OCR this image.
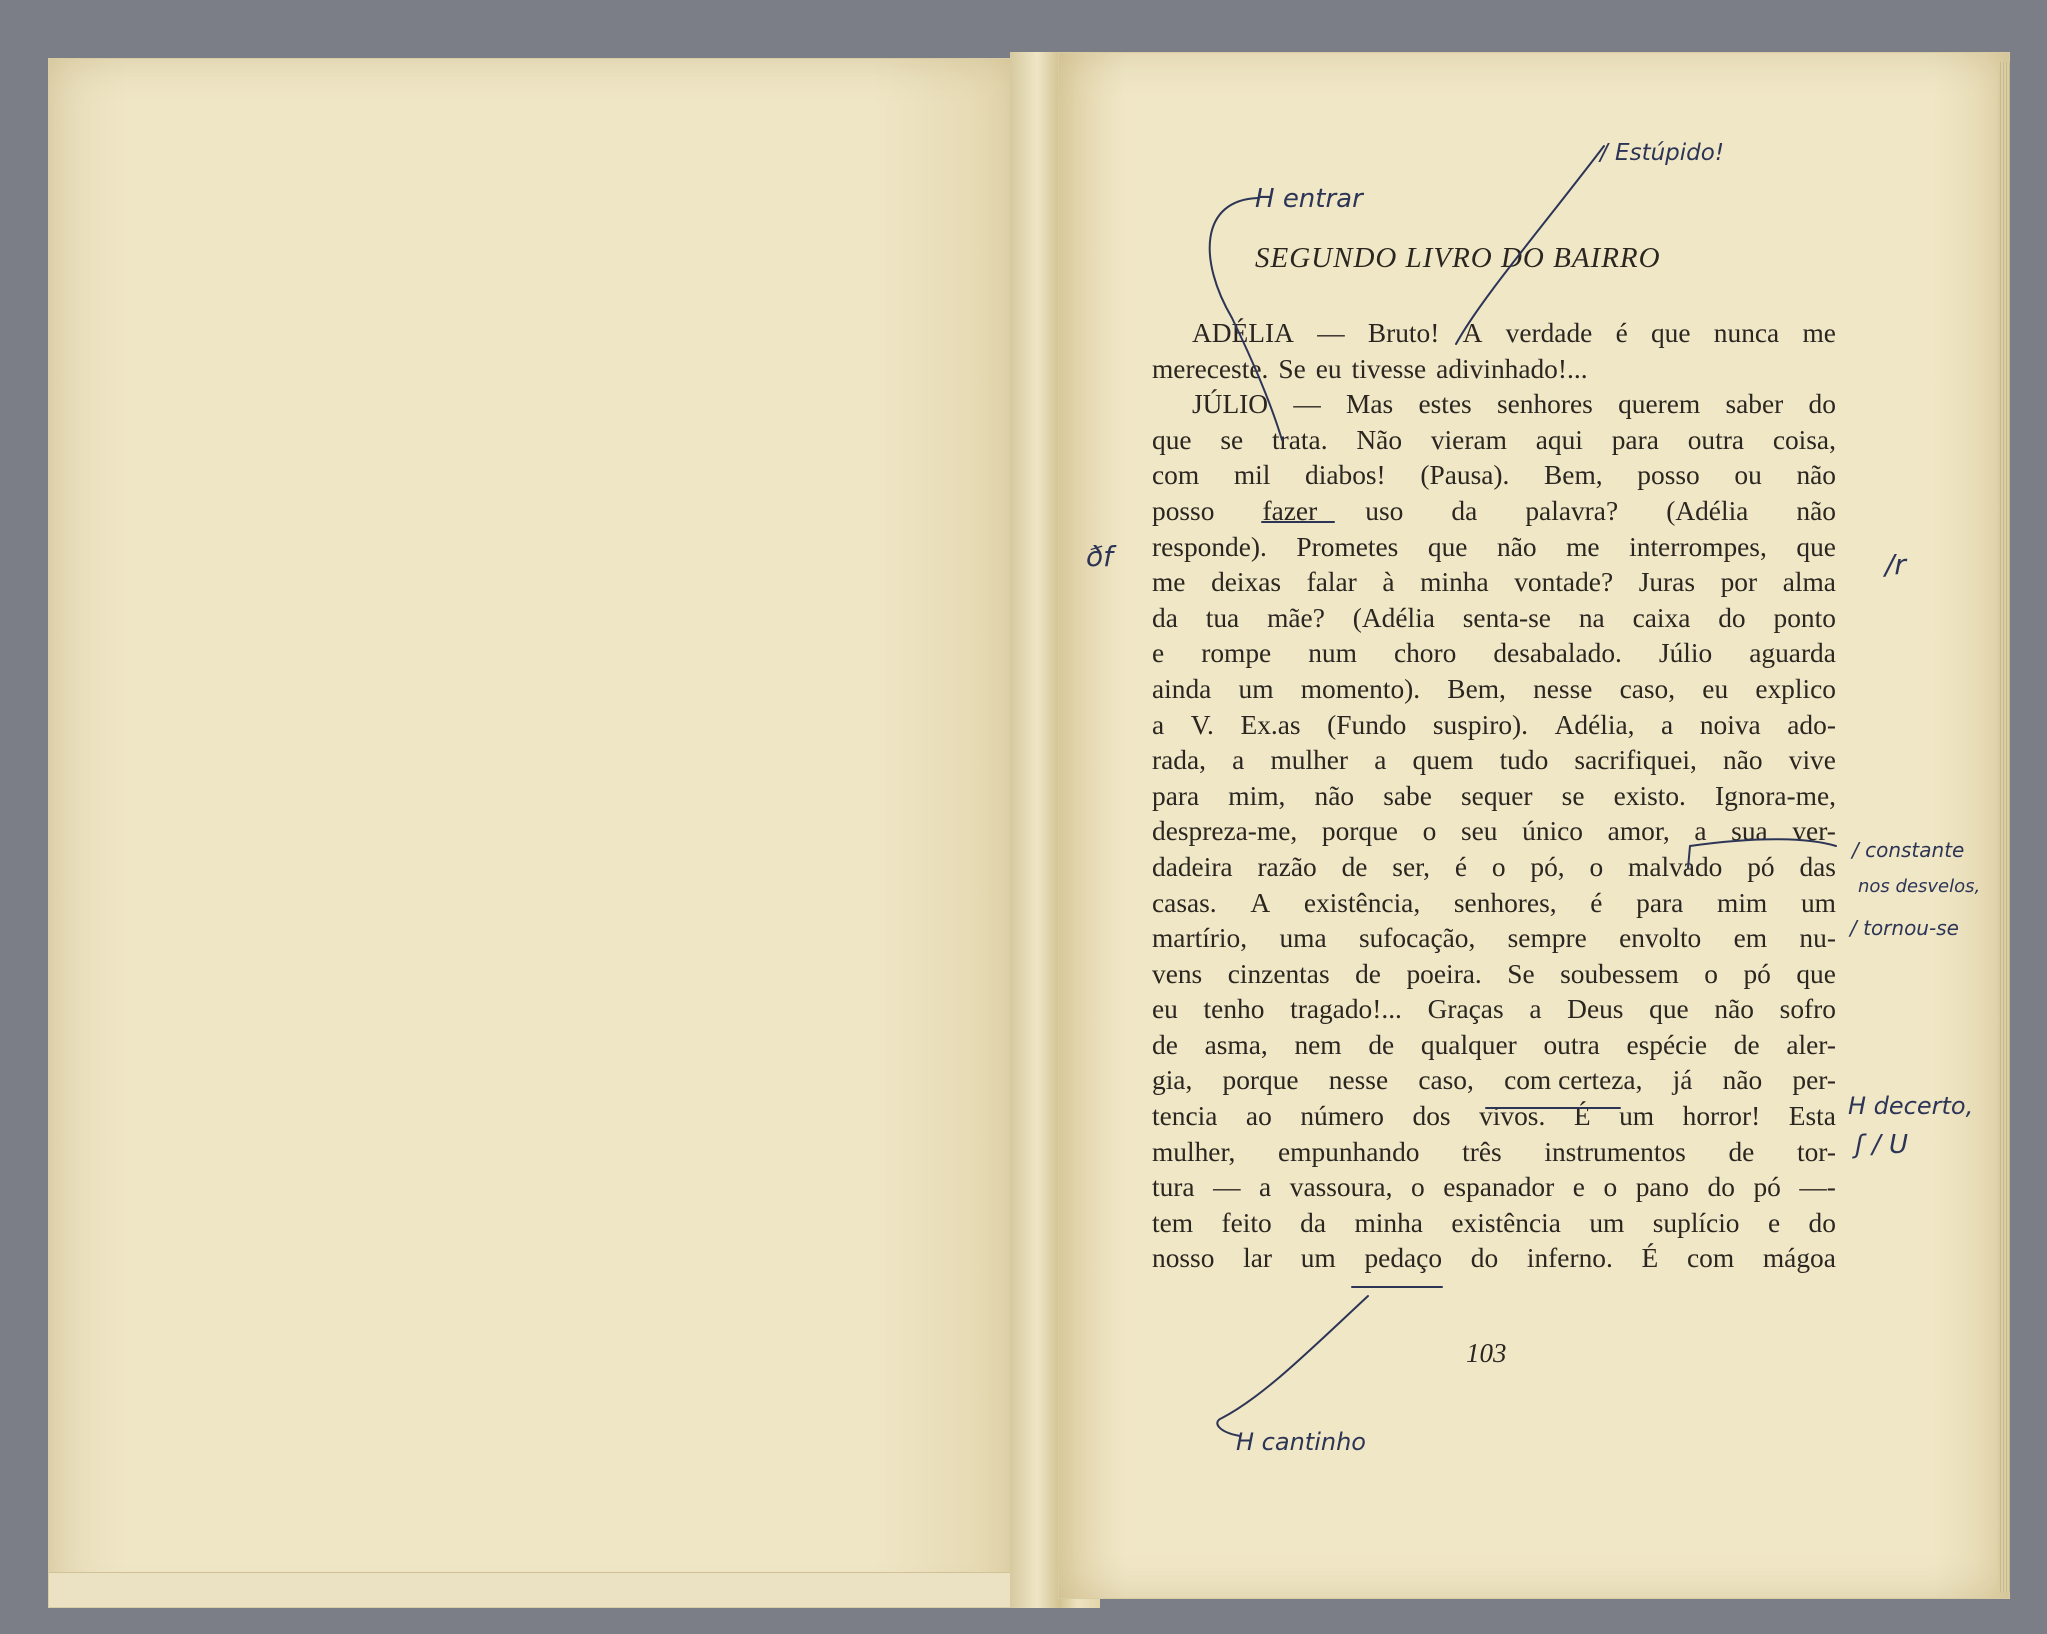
SEGUNDO LIVRO DO BAIRRO
ADÉLIA — Bruto! A verdade é que nunca me
mereceste. Se eu tivesse adivinhado!...
JÚLIO — Mas estes senhores querem saber do
que se trata. Não vieram aqui para outra coisa,
com mil diabos! (Pausa). Bem, posso ou não
posso fazer uso da palavra? (Adélia não
responde). Prometes que não me interrompes, que
me deixas falar à minha vontade? Juras por alma
da tua mãe? (Adélia senta-se na caixa do ponto
e rompe num choro desabalado. Júlio aguarda
ainda um momento). Bem, nesse caso, eu explico
a V. Ex.as (Fundo suspiro). Adélia, a noiva ado-
rada, a mulher a quem tudo sacrifiquei, não vive
para mim, não sabe sequer se existo. Ignora-me,
despreza-me, porque o seu único amor, a sua ver-
dadeira razão de ser, é o pó, o malvado pó das
casas. A existência, senhores, é para mim um
martírio, uma sufocação, sempre envolto em nu-
vens cinzentas de poeira. Se soubessem o pó que
eu tenho tragado!... Graças a Deus que não sofro
de asma, nem de qualquer outra espécie de aler-
gia, porque nesse caso, com certeza, já não per-
tencia ao número dos vivos. É um horror! Esta
mulher, empunhando três instrumentos de tor-
tura — a vassoura, o espanador e o pano do pó —-
tem feito da minha existência um suplício e do
nosso lar um pedaço do inferno. É com mágoa
103
/ Estúpido!
H entrar
ðf	/r
/ constante
nos desvelos,
/ tornou-se
H decerto,
ʃ / U
H cantinho
